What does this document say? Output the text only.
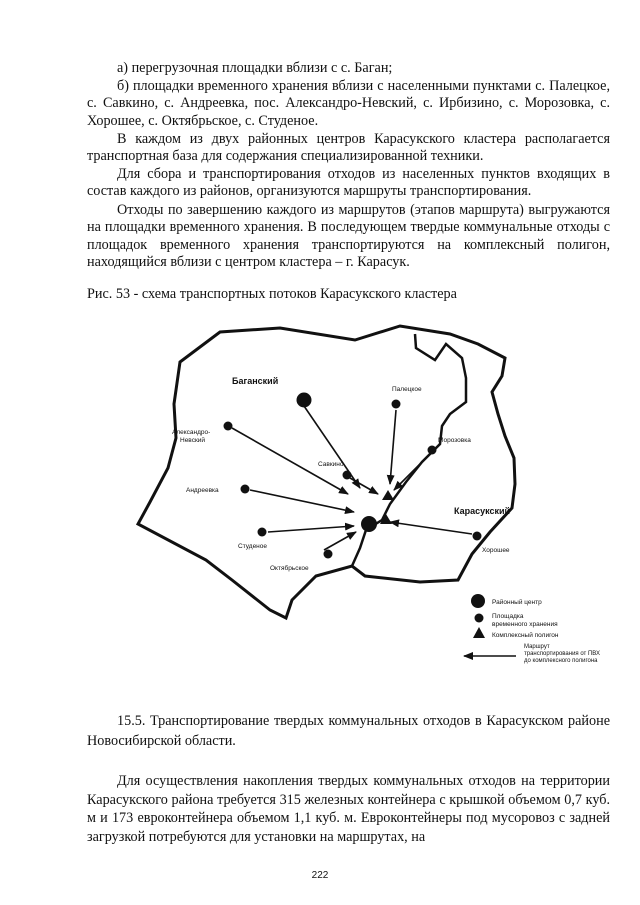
а) перегрузочная площадки вблизи с с. Баган;

б) площадки временного хранения вблизи с населенными пунктами с. Палецкое, с. Савкино, с. Андреевка, пос. Александро-Невский, с. Ирбизино, с. Морозовка, с. Хорошее, с. Октябрьское, с. Студеное.

В каждом из двух районных центров Карасукского кластера располагается транспортная база для содержания специализированной техники.

Для сбора и транспортирования отходов из населенных пунктов входящих в состав каждого из районов, организуются маршруты транспортирования.

Отходы по завершению каждого из маршрутов (этапов маршрута) выгружаются на площадки временного хранения. В последующем твердые коммунальные отходы с площадок временного хранения транспортируются на комплексный полигон, находящийся вблизи с центром кластера – г. Карасук.

Рис. 53 - схема транспортных потоков Карасукского кластера

Баганский
Карасукский
Палецкое
Александро-
Невский	Морозовка
Савкино
Андреевка
Студеное
Октябрьское
Хорошее
Районный центр
Площадка
временного хранения
Комплексный полигон
Маршрут
транспортирования от ПВХ
до комплексного полигона

15.5. Транспортирование твердых коммунальных отходов в Карасукском районе Новосибирской области.

Для осуществления накопления твердых коммунальных отходов на территории Карасукского района требуется 315 железных контейнера с крышкой объемом 0,7 куб. м и 173 евроконтейнера объемом 1,1 куб. м. Евроконтейнеры под мусоровоз с задней загрузкой потребуются для установки на маршрутах, на

222
